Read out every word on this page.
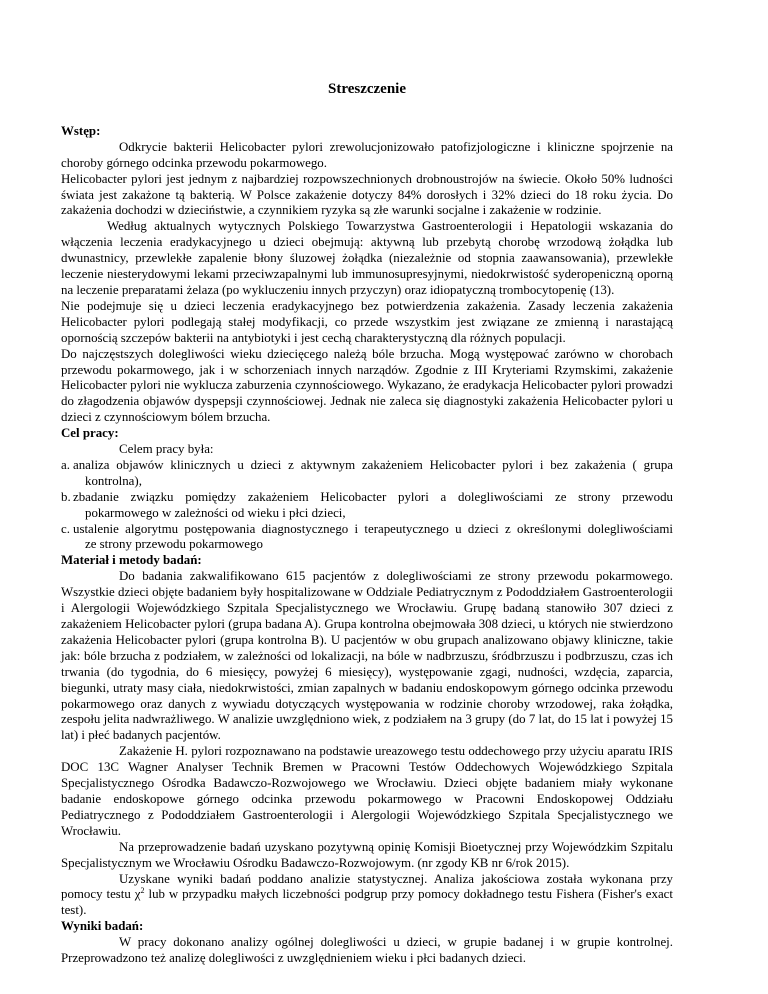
Streszczenie
Wstęp:

Odkrycie bakterii Helicobacter pylori zrewolucjonizowało patofizjologiczne i kliniczne spojrzenie na choroby górnego odcinka przewodu pokarmowego.

Helicobacter pylori jest jednym z najbardziej rozpowszechnionych drobnoustrojów na świecie. Około 50% ludności świata jest zakażone tą bakterią. W Polsce zakażenie dotyczy 84% dorosłych i 32% dzieci do 18 roku życia. Do zakażenia dochodzi w dzieciństwie, a czynnikiem ryzyka są złe warunki socjalne i zakażenie w rodzinie.

Według aktualnych wytycznych Polskiego Towarzystwa Gastroenterologii i Hepatologii wskazania do włączenia leczenia eradykacyjnego u dzieci obejmują: aktywną lub przebytą chorobę wrzodową żołądka lub dwunastnicy, przewlekłe zapalenie błony śluzowej żołądka (niezależnie od stopnia zaawansowania), przewlekłe leczenie niesterydowymi lekami przeciwzapalnymi lub immunosupresyjnymi, niedokrwistość syderopeniczną oporną na leczenie preparatami żelaza (po wykluczeniu innych przyczyn) oraz idiopatyczną trombocytopenię (13).

Nie podejmuje się u dzieci leczenia eradykacyjnego bez potwierdzenia zakażenia. Zasady leczenia zakażenia Helicobacter pylori podlegają stałej modyfikacji, co przede wszystkim jest związane ze zmienną i narastającą opornością szczepów bakterii na antybiotyki i jest cechą charakterystyczną dla różnych populacji.

Do najczęstszych dolegliwości wieku dziecięcego należą bóle brzucha. Mogą występować zarówno w chorobach przewodu pokarmowego, jak i w schorzeniach innych narządów. Zgodnie z III Kryteriami Rzymskimi, zakażenie Helicobacter pylori nie wyklucza zaburzenia czynnościowego. Wykazano, że eradykacja Helicobacter pylori prowadzi do złagodzenia objawów dyspepsji czynnościowej. Jednak nie zaleca się diagnostyki zakażenia Helicobacter pylori u dzieci z czynnościowym bólem brzucha.

Cel pracy:

Celem pracy była:

a. analiza objawów klinicznych u dzieci z aktywnym zakażeniem Helicobacter pylori i bez zakażenia ( grupa
kontrolna),
b. zbadanie związku pomiędzy zakażeniem Helicobacter pylori a dolegliwościami ze strony przewodu
pokarmowego w zależności od wieku i płci dzieci,
c. ustalenie algorytmu postępowania diagnostycznego i terapeutycznego u dzieci z określonymi dolegliwościami
ze strony przewodu pokarmowego
Materiał i metody badań:

Do badania zakwalifikowano 615 pacjentów z dolegliwościami ze strony przewodu pokarmowego. Wszystkie dzieci objęte badaniem były hospitalizowane w Oddziale Pediatrycznym z Pododdziałem Gastroenterologii i Alergologii Wojewódzkiego Szpitala Specjalistycznego we Wrocławiu. Grupę badaną stanowiło 307 dzieci z zakażeniem Helicobacter pylori (grupa badana A). Grupa kontrolna obejmowała 308 dzieci, u których nie stwierdzono zakażenia Helicobacter pylori (grupa kontrolna B). U pacjentów w obu grupach analizowano objawy kliniczne, takie jak: bóle brzucha z podziałem, w zależności od lokalizacji, na bóle w nadbrzuszu, śródbrzuszu i podbrzuszu, czas ich trwania (do tygodnia, do 6 miesięcy, powyżej 6 miesięcy), występowanie zgagi, nudności, wzdęcia, zaparcia, biegunki, utraty masy ciała, niedokrwistości, zmian zapalnych w badaniu endoskopowym górnego odcinka przewodu pokarmowego oraz danych z wywiadu dotyczących występowania w rodzinie choroby wrzodowej, raka żołądka, zespołu jelita nadwrażliwego. W analizie uwzględniono wiek, z podziałem na 3 grupy (do 7 lat, do 15 lat i powyżej 15 lat) i płeć badanych pacjentów.

Zakażenie H. pylori rozpoznawano na podstawie ureazowego testu oddechowego przy użyciu aparatu IRIS DOC 13C Wagner Analyser Technik Bremen w Pracowni Testów Oddechowych Wojewódzkiego Szpitala Specjalistycznego Ośrodka Badawczo-Rozwojowego we Wrocławiu. Dzieci objęte badaniem miały wykonane badanie endoskopowe górnego odcinka przewodu pokarmowego w Pracowni Endoskopowej Oddziału Pediatrycznego z Pododdziałem Gastroenterologii i Alergologii Wojewódzkiego Szpitala Specjalistycznego we Wrocławiu.

Na przeprowadzenie badań uzyskano pozytywną opinię Komisji Bioetycznej przy Wojewódzkim Szpitalu Specjalistycznym we Wrocławiu Ośrodku Badawczo-Rozwojowym. (nr zgody KB nr 6/rok 2015).

Uzyskane wyniki badań poddano analizie statystycznej. Analiza jakościowa została wykonana przy pomocy testu $\chi^2$ lub w przypadku małych liczebności podgrup przy pomocy dokładnego testu Fishera (Fisher's exact test).

Wyniki badań:

W pracy dokonano analizy ogólnej dolegliwości u dzieci, w grupie badanej i w grupie kontrolnej. Przeprowadzono też analizę dolegliwości z uwzględnieniem wieku i płci badanych dzieci.
